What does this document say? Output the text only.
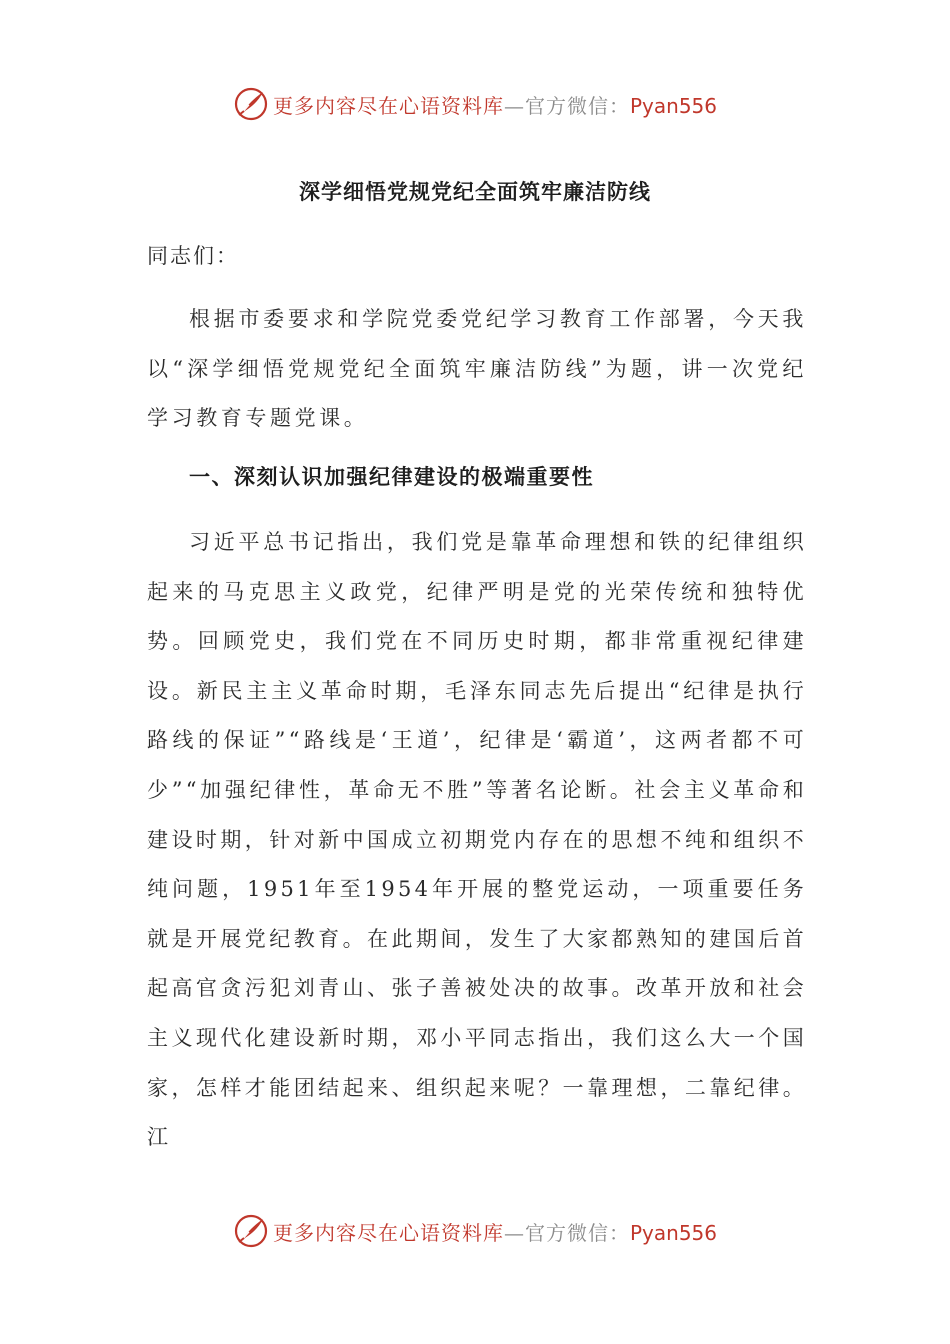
更多内容尽在心语资料库—官方微信：Pyan556
深学细悟党规党纪全面筑牢廉洁防线
同志们：

根据市委要求和学院党委党纪学习教育工作部署，今天我以“深学细悟党规党纪全面筑牢廉洁防线”为题，讲一次党纪学习教育专题党课。

一、深刻认识加强纪律建设的极端重要性

习近平总书记指出，我们党是靠革命理想和铁的纪律组织起来的马克思主义政党，纪律严明是党的光荣传统和独特优势。回顾党史，我们党在不同历史时期，都非常重视纪律建设。新民主主义革命时期，毛泽东同志先后提出“纪律是执行路线的保证”“路线是‘王道’，纪律是‘霸道’，这两者都不可少”“加强纪律性，革命无不胜”等著名论断。社会主义革命和建设时期，针对新中国成立初期党内存在的思想不纯和组织不纯问题，1951年至1954年开展的整党运动，一项重要任务就是开展党纪教育。在此期间，发生了大家都熟知的建国后首起高官贪污犯刘青山、张子善被处决的故事。改革开放和社会主义现代化建设新时期，邓小平同志指出，我们这么大一个国家，怎样才能团结起来、组织起来呢？一靠理想，二靠纪律。江

更多内容尽在心语资料库—官方微信：Pyan556
